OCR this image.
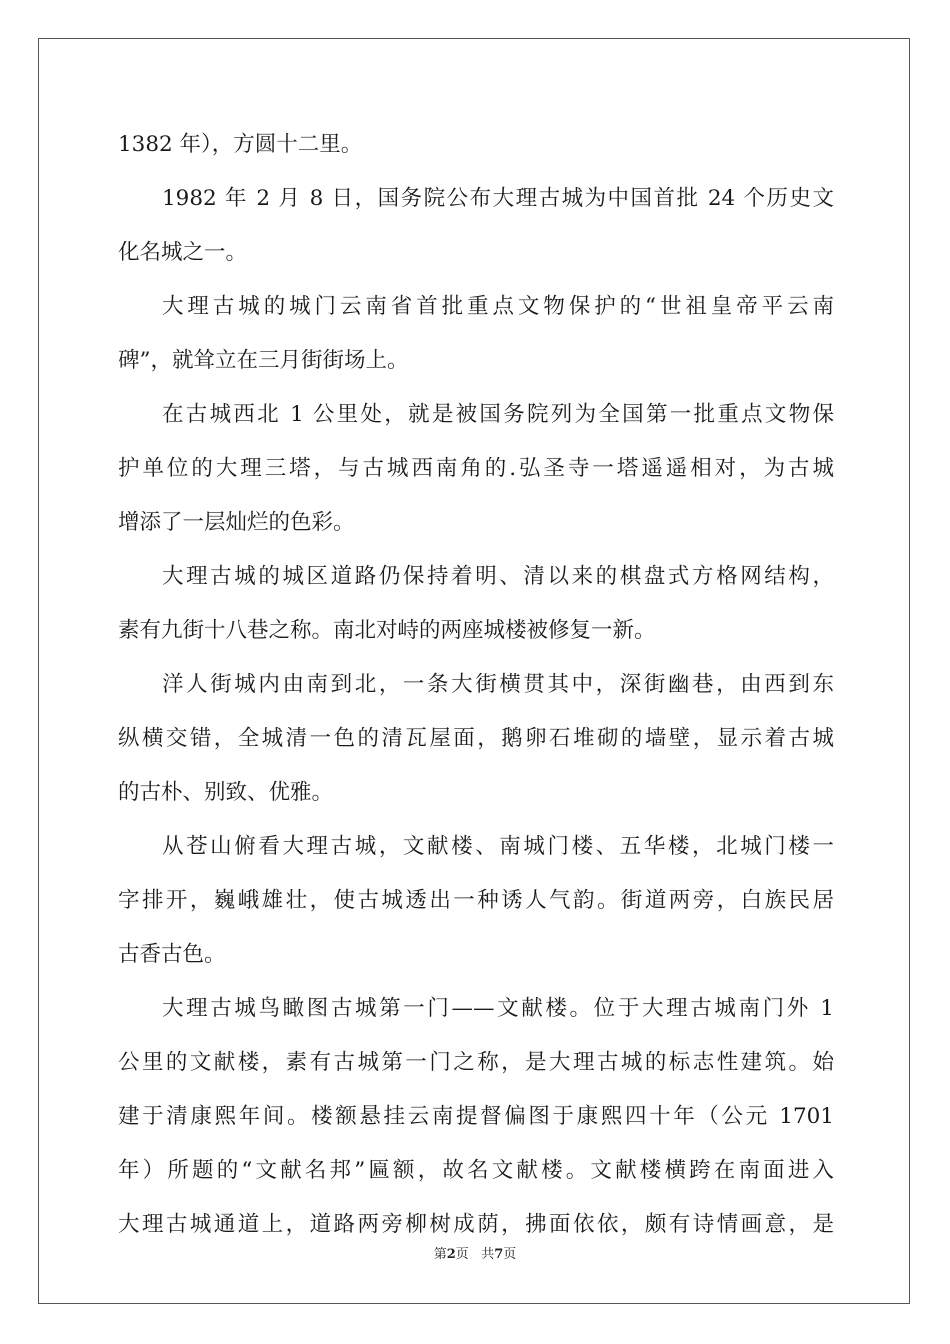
1382 年），方圆十二里。
1982 年 2 月 8 日，国务院公布大理古城为中国首批 24 个历史文
化名城之一。
大理古城的城门云南省首批重点文物保护的“世祖皇帝平云南
碑”，就耸立在三月街街场上。
在古城西北 1 公里处，就是被国务院列为全国第一批重点文物保
护单位的大理三塔，与古城西南角的.弘圣寺一塔遥遥相对，为古城
增添了一层灿烂的色彩。
大理古城的城区道路仍保持着明、清以来的棋盘式方格网结构，
素有九街十八巷之称。南北对峙的两座城楼被修复一新。
洋人街城内由南到北，一条大街横贯其中，深街幽巷，由西到东
纵横交错，全城清一色的清瓦屋面，鹅卵石堆砌的墙壁，显示着古城
的古朴、别致、优雅。
从苍山俯看大理古城，文献楼、南城门楼、五华楼，北城门楼一
字排开，巍峨雄壮，使古城透出一种诱人气韵。街道两旁，白族民居
古香古色。
大理古城鸟瞰图古城第一门——文献楼。位于大理古城南门外 1
公里的文献楼，素有古城第一门之称，是大理古城的标志性建筑。始
建于清康熙年间。楼额悬挂云南提督偏图于康熙四十年（公元 1701
年）所题的“文献名邦”匾额，故名文献楼。文献楼横跨在南面进入
大理古城通道上，道路两旁柳树成荫，拂面依依，颇有诗情画意，是
第2页 共7页
